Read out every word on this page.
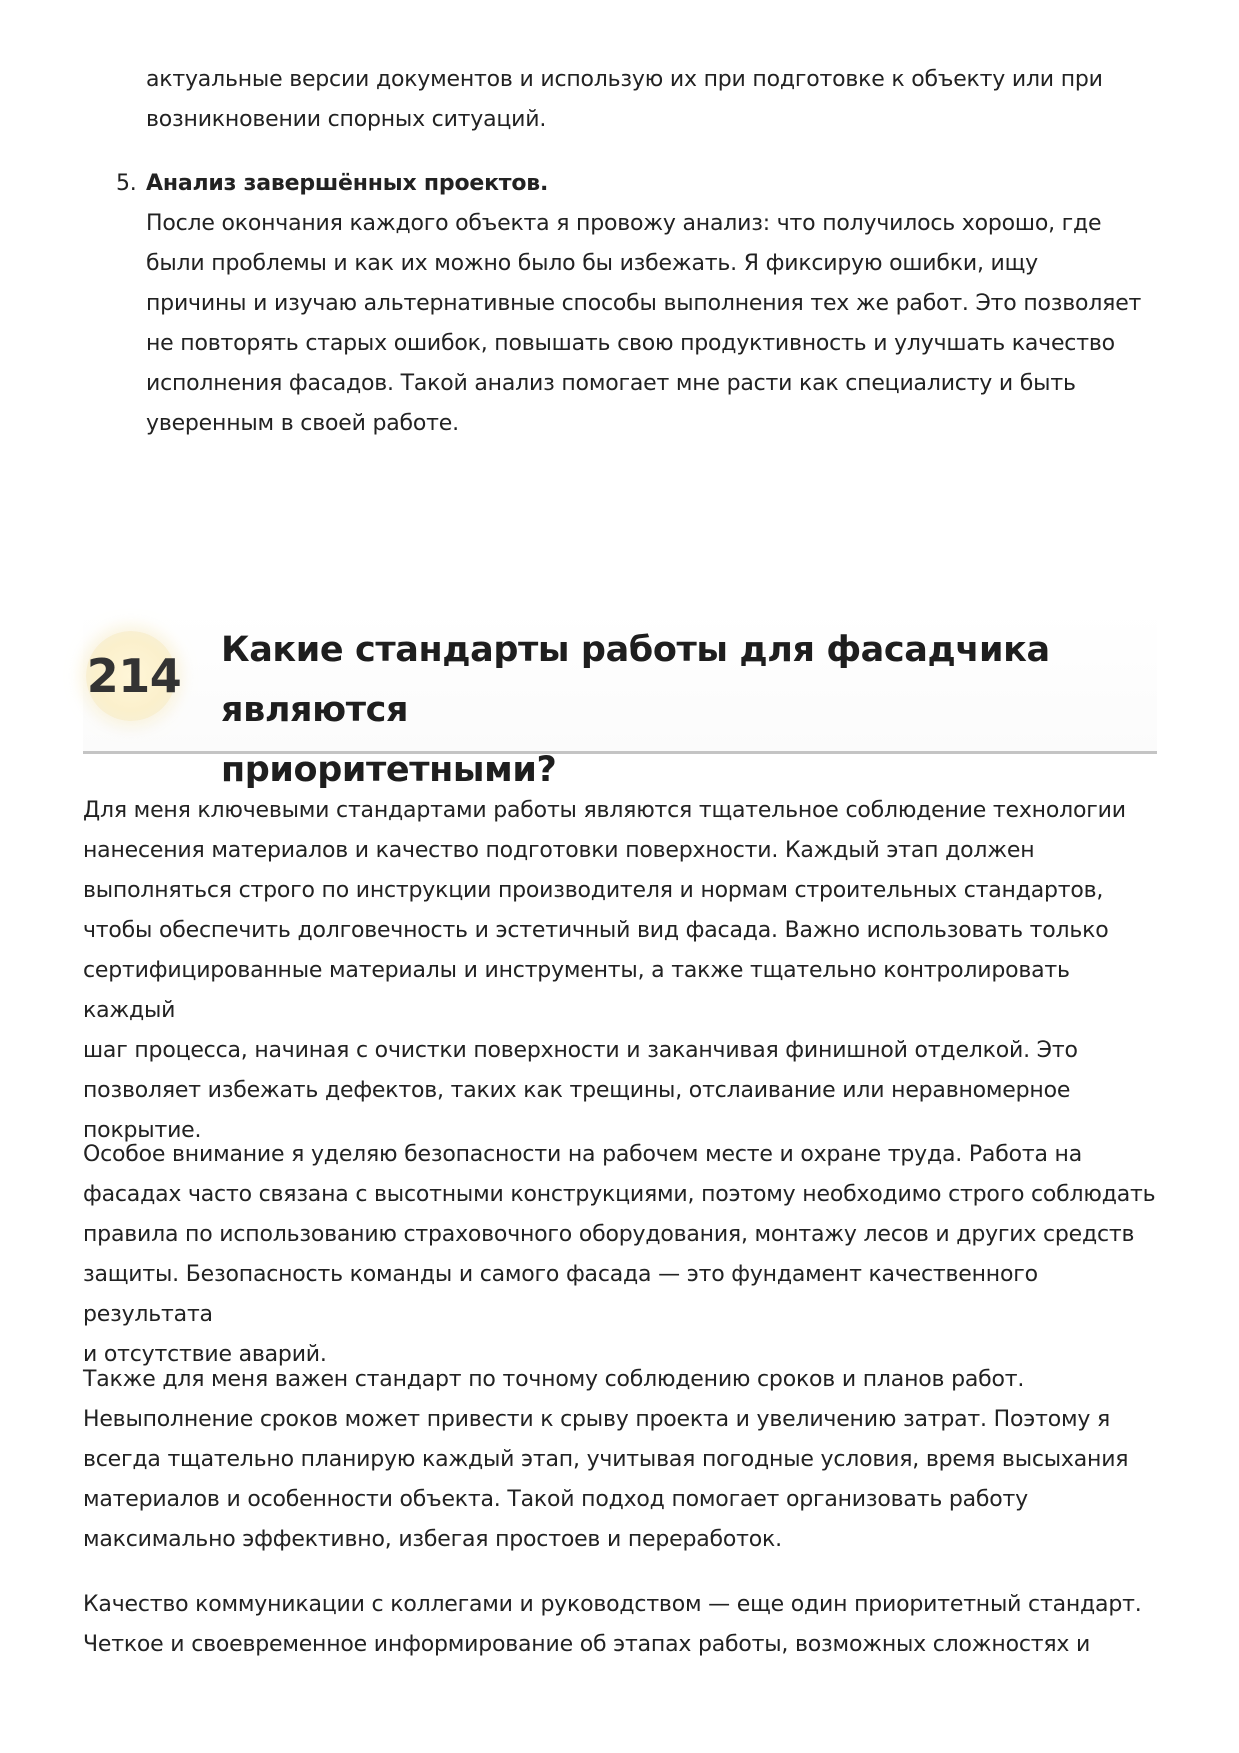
актуальные версии документов и использую их при подготовке к объекту или при

возникновении спорных ситуаций.

5. Анализ завершённых проектов.

После окончания каждого объекта я провожу анализ: что получилось хорошо, где

были проблемы и как их можно было бы избежать. Я фиксирую ошибки, ищу

причины и изучаю альтернативные способы выполнения тех же работ. Это позволяет

не повторять старых ошибок, повышать свою продуктивность и улучшать качество

исполнения фасадов. Такой анализ помогает мне расти как специалисту и быть

уверенным в своей работе.

214 Какие стандарты работы для фасадчика являются
приоритетными?

Для меня ключевыми стандартами работы являются тщательное соблюдение технологии

нанесения материалов и качество подготовки поверхности. Каждый этап должен

выполняться строго по инструкции производителя и нормам строительных стандартов,

чтобы обеспечить долговечность и эстетичный вид фасада. Важно использовать только

сертифицированные материалы и инструменты, а также тщательно контролировать каждый

шаг процесса, начиная с очистки поверхности и заканчивая финишной отделкой. Это

позволяет избежать дефектов, таких как трещины, отслаивание или неравномерное

покрытие.

Особое внимание я уделяю безопасности на рабочем месте и охране труда. Работа на

фасадах часто связана с высотными конструкциями, поэтому необходимо строго соблюдать

правила по использованию страховочного оборудования, монтажу лесов и других средств

защиты. Безопасность команды и самого фасада — это фундамент качественного результата

и отсутствие аварий.

Также для меня важен стандарт по точному соблюдению сроков и планов работ.

Невыполнение сроков может привести к срыву проекта и увеличению затрат. Поэтому я

всегда тщательно планирую каждый этап, учитывая погодные условия, время высыхания

материалов и особенности объекта. Такой подход помогает организовать работу

максимально эффективно, избегая простоев и переработок.

Качество коммуникации с коллегами и руководством — еще один приоритетный стандарт.

Четкое и своевременное информирование об этапах работы, возможных сложностях и
